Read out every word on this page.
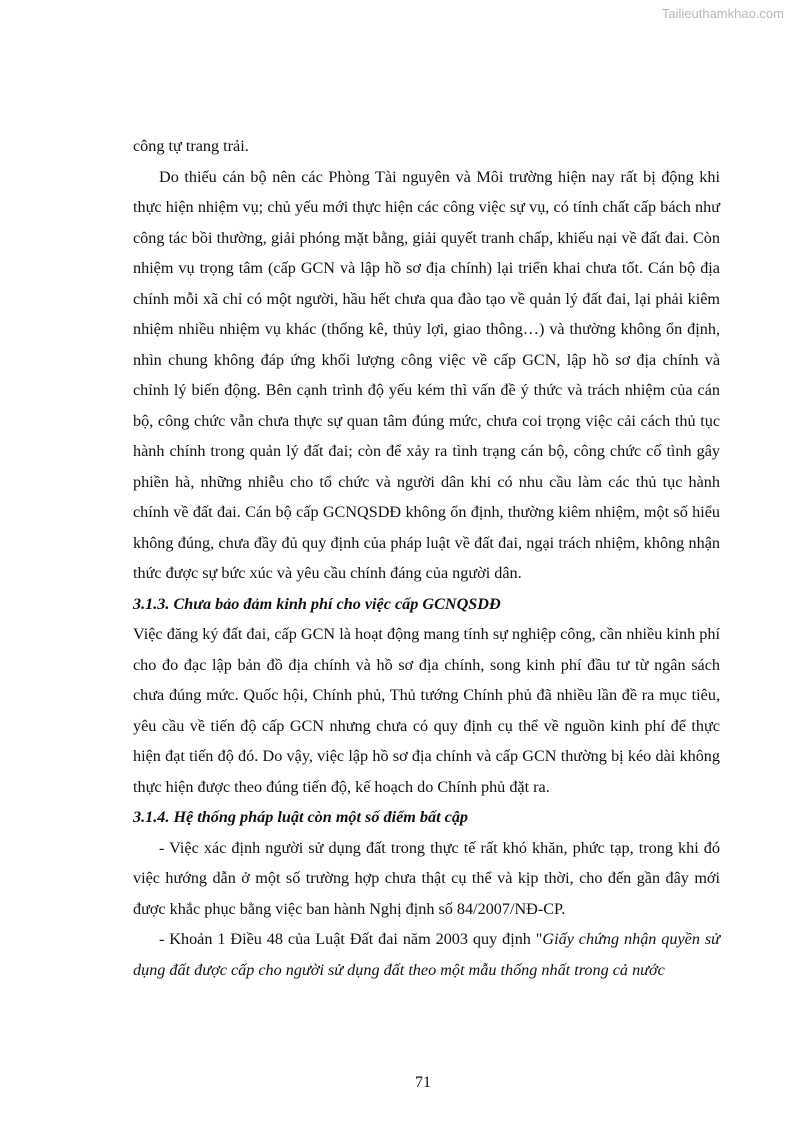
Tailieuthamkhao.com

công tự trang trải.

Do thiếu cán bộ nên các Phòng Tài nguyên và Môi trường hiện nay rất bị động khi thực hiện nhiệm vụ; chủ yếu mới thực hiện các công việc sự vụ, có tính chất cấp bách như công tác bồi thường, giải phóng mặt bằng, giải quyết tranh chấp, khiếu nại về đất đai. Còn nhiệm vụ trọng tâm (cấp GCN và lập hồ sơ địa chính) lại triển khai chưa tốt. Cán bộ địa chính mỗi xã chỉ có một người, hầu hết chưa qua đào tạo về quản lý đất đai, lại phải kiêm nhiệm nhiều nhiệm vụ khác (thống kê, thủy lợi, giao thông…) và thường không ổn định, nhìn chung không đáp ứng khối lượng công việc về cấp GCN, lập hồ sơ địa chính và chỉnh lý biến động. Bên cạnh trình độ yếu kém thì vấn đề ý thức và trách nhiệm của cán bộ, công chức vẫn chưa thực sự quan tâm đúng mức, chưa coi trọng việc cải cách thủ tục hành chính trong quản lý đất đai; còn để xảy ra tình trạng cán bộ, công chức cố tình gây phiền hà, những nhiễu cho tổ chức và người dân khi có nhu cầu làm các thủ tục hành chính về đất đai. Cán bộ cấp GCNQSDĐ không ổn định, thường kiêm nhiệm, một số hiểu không đúng, chưa đầy đủ quy định của pháp luật về đất đai, ngại trách nhiệm, không nhận thức được sự bức xúc và yêu cầu chính đáng của người dân.

3.1.3. Chưa bảo đảm kinh phí cho việc cấp GCNQSDĐ

Việc đăng ký đất đai, cấp GCN là hoạt động mang tính sự nghiệp công, cần nhiều kinh phí cho đo đạc lập bản đồ địa chính và hồ sơ địa chính, song kinh phí đầu tư từ ngân sách chưa đúng mức. Quốc hội, Chính phủ, Thủ tướng Chính phủ đã nhiều lần đề ra mục tiêu, yêu cầu về tiến độ cấp GCN nhưng chưa có quy định cụ thể về nguồn kinh phí để thực hiện đạt tiến độ đó. Do vậy, việc lập hồ sơ địa chính và cấp GCN thường bị kéo dài không thực hiện được theo đúng tiến độ, kế hoạch do Chính phủ đặt ra.

3.1.4. Hệ thống pháp luật còn một số điểm bất cập

- Việc xác định người sử dụng đất trong thực tế rất khó khăn, phức tạp, trong khi đó việc hướng dẫn ở một số trường hợp chưa thật cụ thể và kịp thời, cho đến gần đây mới được khắc phục bằng việc ban hành Nghị định số 84/2007/NĐ-CP.

- Khoản 1 Điều 48 của Luật Đất đai năm 2003 quy định "Giấy chứng nhận quyền sử dụng đất được cấp cho người sử dụng đất theo một mẫu thống nhất trong cả nước

71
